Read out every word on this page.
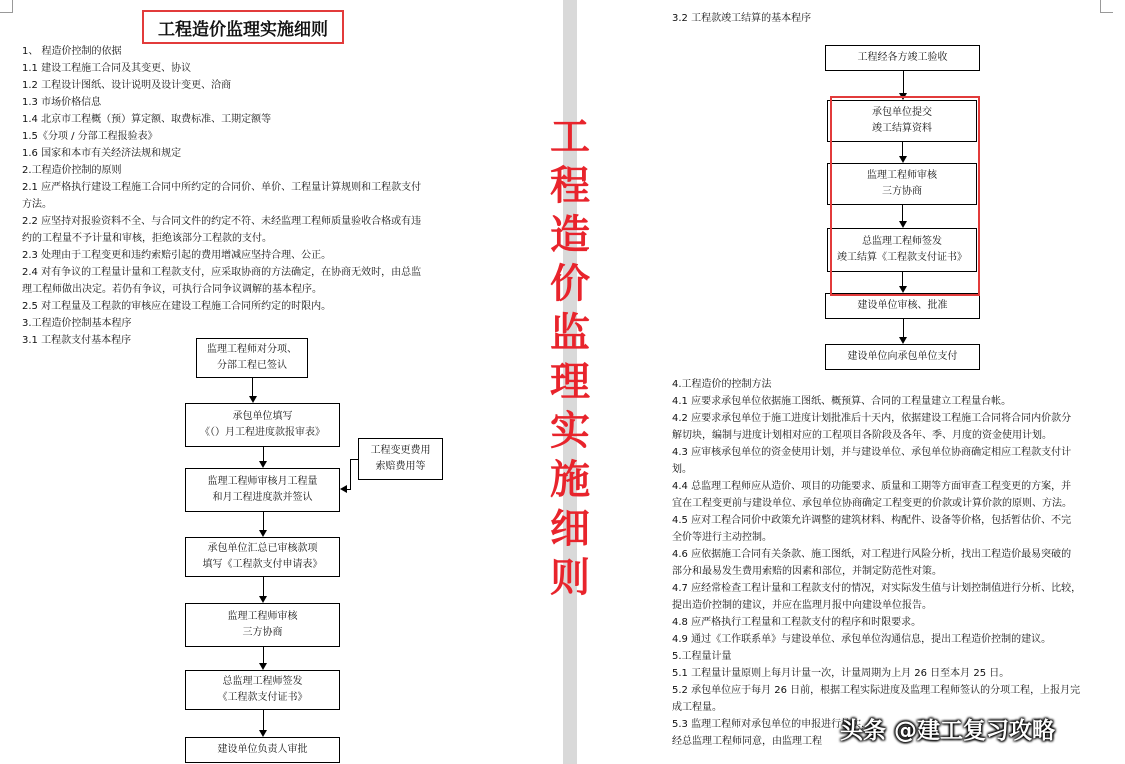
工程造价监理实施细则
1、 程造价控制的依据
1.1 建设工程施工合同及其变更、协议
1.2 工程设计图纸、设计说明及设计变更、洽商
1.3 市场价格信息
1.4 北京市工程概（预）算定额、取费标准、工期定额等
1.5《分项 / 分部工程报验表》
1.6 国家和本市有关经济法规和规定
2.工程造价控制的原则
2.1 应严格执行建设工程施工合同中所约定的合同价、单价、工程量计算规则和工程款支付
方法。
2.2 应坚持对报验资料不全、与合同文件的约定不符、未经监理工程师质量验收合格或有违
约的工程量不予计量和审核，拒绝该部分工程款的支付。
2.3 处理由于工程变更和违约索赔引起的费用增减应坚持合理、公正。
2.4 对有争议的工程量计量和工程款支付，应采取协商的方法确定，在协商无效时，由总监
理工程师做出决定。若仍有争议，可执行合同争议调解的基本程序。
2.5 对工程量及工程款的审核应在建设工程施工合同所约定的时限内。
3.工程造价控制基本程序
3.1 工程款支付基本程序
监理工程师对分项、
分部工程已签认
承包单位填写
《（）月工程进度款报审表》
监理工程师审核月工程量
和月工程进度款并签认
承包单位汇总已审核款项
填写《工程款支付申请表》
监理工程师审核
三方协商
总监理工程师签发
《工程款支付证书》
建设单位负责人审批
工程变更费用
索赔费用等
3.2 工程款竣工结算的基本程序
工程经各方竣工验收
承包单位提交
竣工结算资料
监理工程师审核
三方协商
总监理工程师签发
竣工结算《工程款支付证书》
建设单位审核、批准
建设单位向承包单位支付
4.工程造价的控制方法
4.1 应要求承包单位依据施工图纸、概预算、合同的工程量建立工程量台帐。
4.2 应要求承包单位于施工进度计划批准后十天内，依据建设工程施工合同将合同内价款分
解切块，编制与进度计划相对应的工程项目各阶段及各年、季、月度的资金使用计划。
4.3 应审核承包单位的资金使用计划，并与建设单位、承包单位协商确定相应工程款支付计
划。
4.4 总监理工程师应从造价、项目的功能要求、质量和工期等方面审查工程变更的方案，并
宜在工程变更前与建设单位、承包单位协商确定工程变更的价款或计算价款的原则、方法。
4.5 应对工程合同价中政策允许调整的建筑材料、构配件、设备等价格，包括暂估价、不完
全价等进行主动控制。
4.6 应依据施工合同有关条款、施工图纸，对工程进行风险分析，找出工程造价最易突破的
部分和最易发生费用索赔的因素和部位，并制定防范性对策。
4.7 应经常检查工程计量和工程款支付的情况，对实际发生值与计划控制值进行分析、比较，
提出造价控制的建议，并应在监理月报中向建设单位报告。
4.8 应严格执行工程量和工程款支付的程序和时限要求。
4.9 通过《工作联系单》与建设单位、承包单位沟通信息，提出工程造价控制的建议。
5.工程量计量
5.1 工程量计量原则上每月计量一次，计量周期为上月 26 日至本月 25 日。
5.2 承包单位应于每月 26 日前，根据工程实际进度及监理工程师签认的分项工程，上报月完
成工程量。
5.3 监理工程师对承包单位的申报进行核实，
经总监理工程师同意，由监理工程
工
程
造
价
监
理
实
施
细
则
头条 @建工复习攻略
